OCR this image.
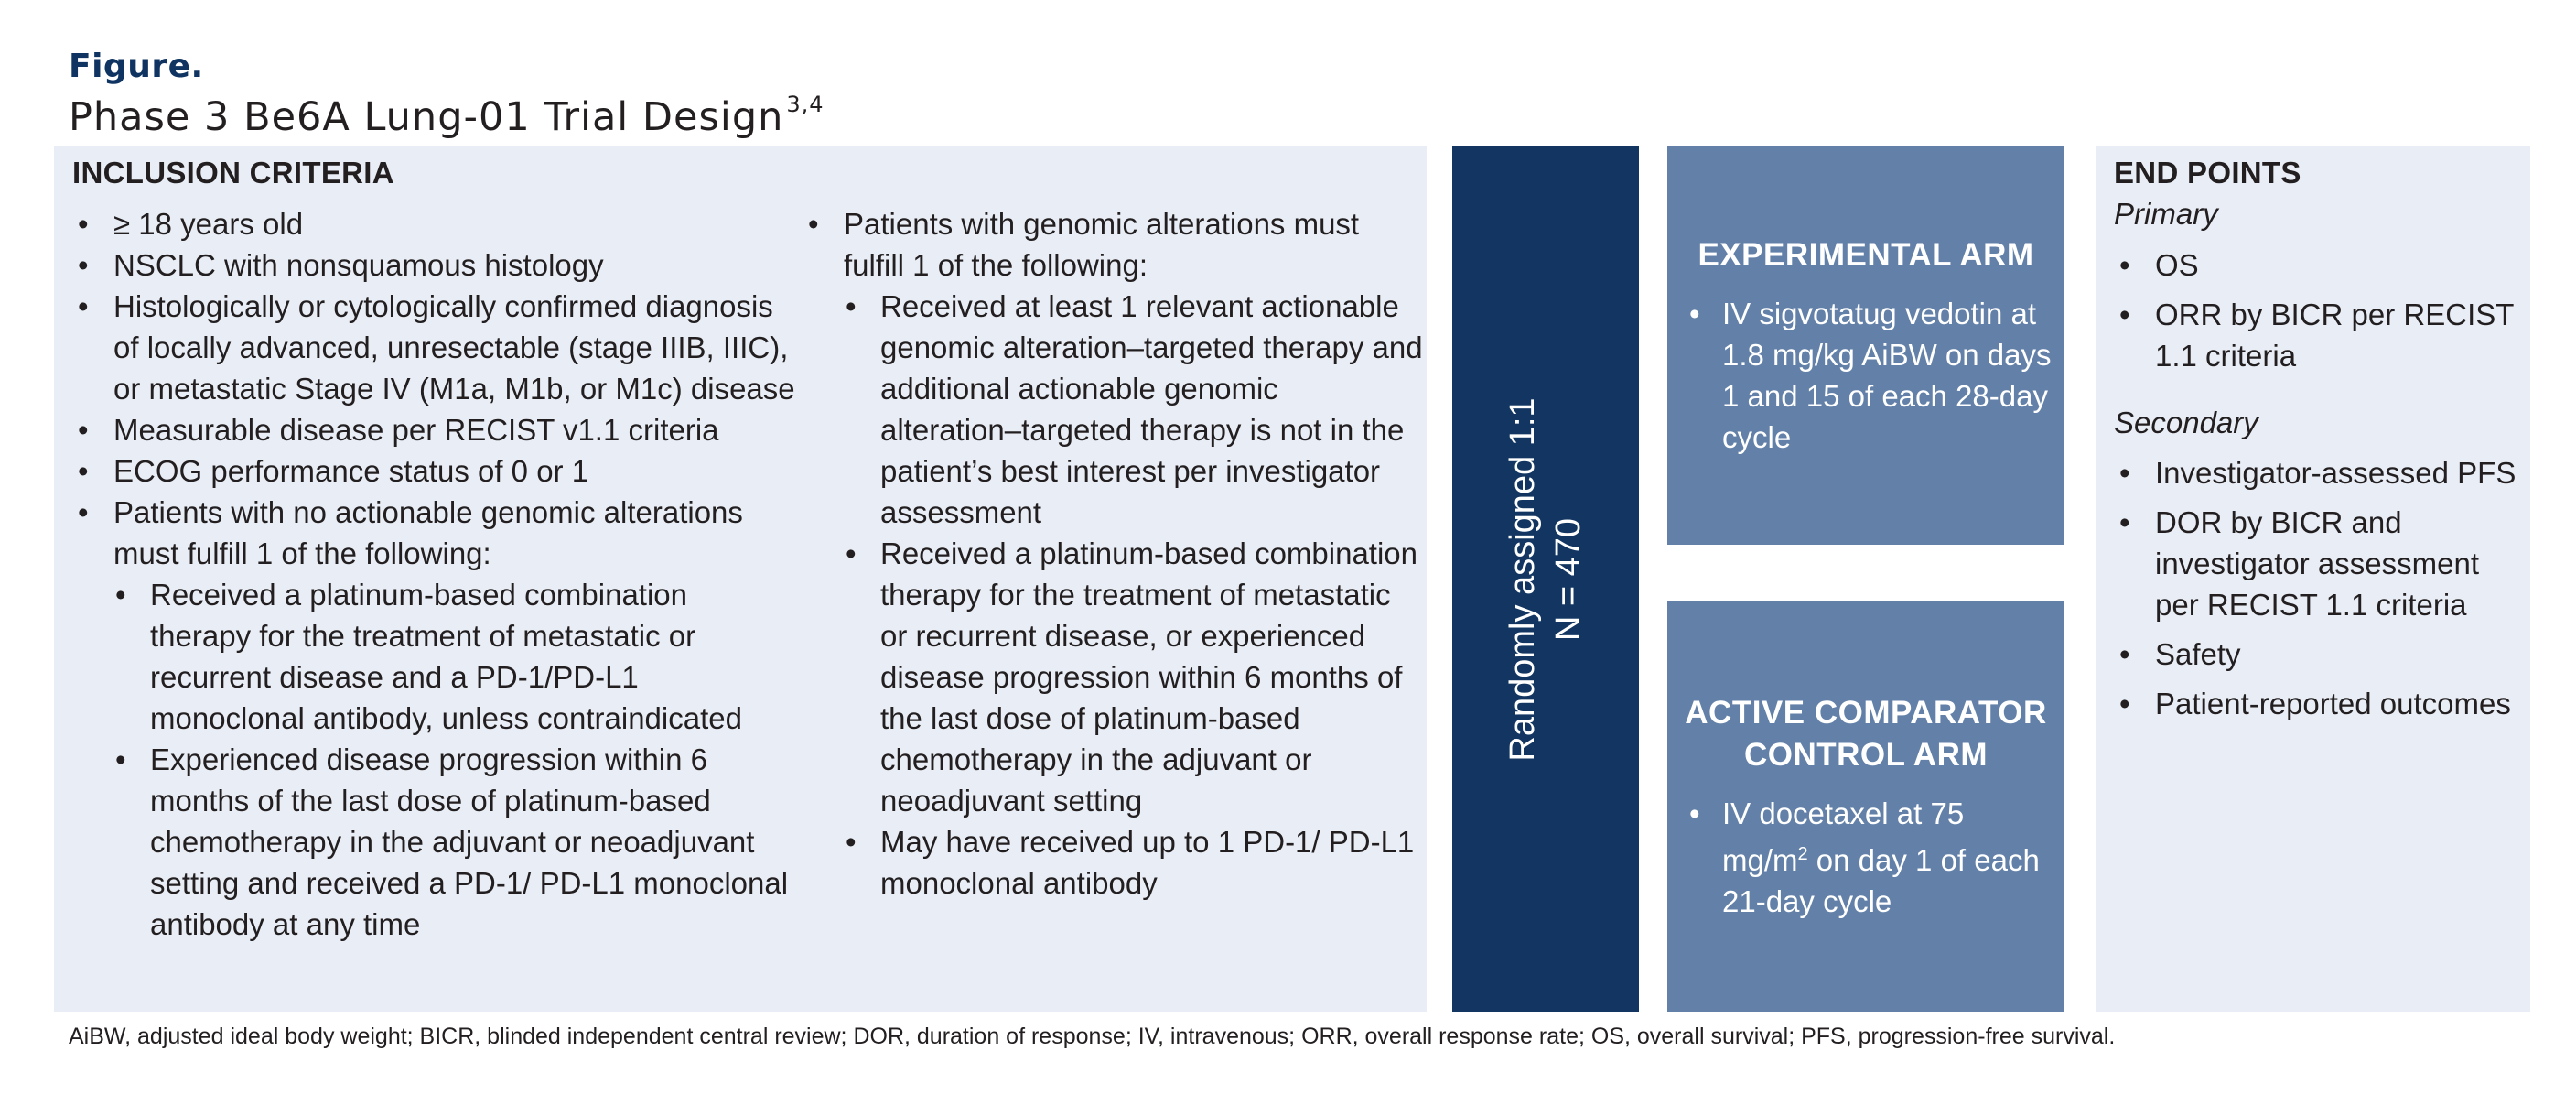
Figure.
Phase 3 Be6A Lung-01 Trial Design $^{3,4}$
INCLUSION CRITERIA
• ≥ 18 years old
• NSCLC with nonsquamous histology
• Histologically or cytologically confirmed diagnosis of locally advanced, unresectable (stage IIIB, IIIC), or metastatic Stage IV (M1a, M1b, or M1c) disease
• Measurable disease per RECIST v1.1 criteria
• ECOG performance status of 0 or 1
• Patients with no actionable genomic alterations must fulfill 1 of the following:
• Received a platinum-based combination therapy for the treatment of metastatic or recurrent disease and a PD-1/PD-L1 monoclonal antibody, unless contraindicated
• Experienced disease progression within 6 months of the last dose of platinum-based chemotherapy in the adjuvant or neoadjuvant setting and received a PD-1/ PD-L1 monoclonal antibody at any time
• Patients with genomic alterations must fulfill 1 of the following:
• Received at least 1 relevant actionable genomic alteration–targeted therapy and additional actionable genomic alteration–targeted therapy is not in the patient’s best interest per investigator assessment
• Received a platinum-based combination therapy for the treatment of metastatic or recurrent disease, or experienced disease progression within 6 months of the last dose of platinum-based chemotherapy in the adjuvant or neoadjuvant setting
• May have received up to 1 PD-1/ PD-L1 monoclonal antibody
Randomly assigned 1:1 N = 470
EXPERIMENTAL ARM
• IV sigvotatug vedotin at 1.8 mg/kg AiBW on days 1 and 15 of each 28-day cycle
ACTIVE COMPARATOR
CONTROL ARM
• IV docetaxel at 75 $mg/m^2$ on day 1 of each 21-day cycle
END POINTS
Primary
• OS
• ORR by BICR per RECIST 1.1 criteria
Secondary
• Investigator-assessed PFS
• DOR by BICR and investigator assessment per RECIST 1.1 criteria
• Safety
• Patient-reported outcomes
AiBW, adjusted ideal body weight; BICR, blinded independent central review; DOR, duration of response; IV, intravenous; ORR, overall response rate; OS, overall survival; PFS, progression-free survival.
